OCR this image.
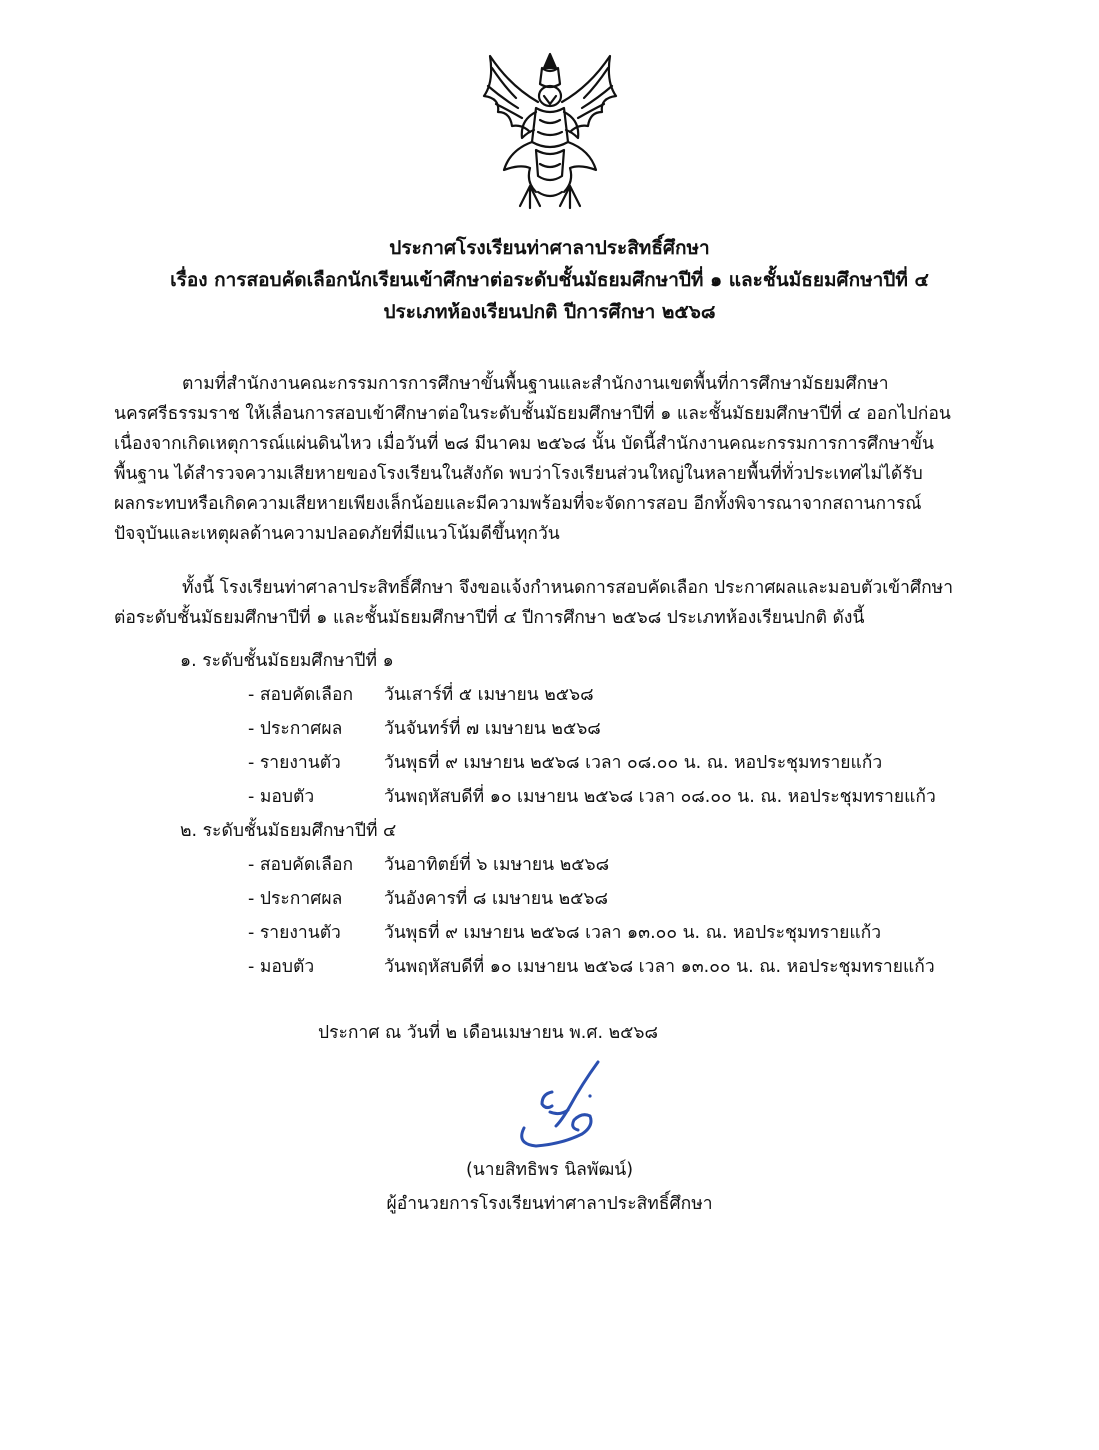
ประกาศโรงเรียนท่าศาลาประสิทธิ์ศึกษา
เรื่อง การสอบคัดเลือกนักเรียนเข้าศึกษาต่อระดับชั้นมัธยมศึกษาปีที่ ๑ และชั้นมัธยมศึกษาปีที่ ๔
ประเภทห้องเรียนปกติ ปีการศึกษา ๒๕๖๘
ตามที่สำนักงานคณะกรรมการการศึกษาขั้นพื้นฐานและสำนักงานเขตพื้นที่การศึกษามัธยมศึกษา
นครศรีธรรมราช ให้เลื่อนการสอบเข้าศึกษาต่อในระดับชั้นมัธยมศึกษาปีที่ ๑ และชั้นมัธยมศึกษาปีที่ ๔ ออกไปก่อน
เนื่องจากเกิดเหตุการณ์แผ่นดินไหว เมื่อวันที่ ๒๘ มีนาคม ๒๕๖๘ นั้น บัดนี้สำนักงานคณะกรรมการการศึกษาขั้น
พื้นฐาน ได้สำรวจความเสียหายของโรงเรียนในสังกัด พบว่าโรงเรียนส่วนใหญ่ในหลายพื้นที่ทั่วประเทศไม่ได้รับ
ผลกระทบหรือเกิดความเสียหายเพียงเล็กน้อยและมีความพร้อมที่จะจัดการสอบ อีกทั้งพิจารณาจากสถานการณ์
ปัจจุบันและเหตุผลด้านความปลอดภัยที่มีแนวโน้มดีขึ้นทุกวัน
ทั้งนี้ โรงเรียนท่าศาลาประสิทธิ์ศึกษา จึงขอแจ้งกำหนดการสอบคัดเลือก ประกาศผลและมอบตัวเข้าศึกษา
ต่อระดับชั้นมัธยมศึกษาปีที่ ๑ และชั้นมัธยมศึกษาปีที่ ๔ ปีการศึกษา ๒๕๖๘ ประเภทห้องเรียนปกติ ดังนี้
๑. ระดับชั้นมัธยมศึกษาปีที่ ๑
- สอบคัดเลือก วันเสาร์ที่ ๕ เมษายน ๒๕๖๘
- ประกาศผล วันจันทร์ที่ ๗ เมษายน ๒๕๖๘
- รายงานตัว วันพุธที่ ๙ เมษายน ๒๕๖๘ เวลา ๐๘.๐๐ น. ณ. หอประชุมทรายแก้ว
- มอบตัว	วันพฤหัสบดีที่ ๑๐ เมษายน ๒๕๖๘ เวลา ๐๘.๐๐ น. ณ. หอประชุมทรายแก้ว
๒. ระดับชั้นมัธยมศึกษาปีที่ ๔
- สอบคัดเลือก วันอาทิตย์ที่ ๖ เมษายน ๒๕๖๘
- ประกาศผล วันอังคารที่ ๘ เมษายน ๒๕๖๘
- รายงานตัว วันพุธที่ ๙ เมษายน ๒๕๖๘ เวลา ๑๓.๐๐ น. ณ. หอประชุมทรายแก้ว
- มอบตัว	วันพฤหัสบดีที่ ๑๐ เมษายน ๒๕๖๘ เวลา ๑๓.๐๐ น. ณ. หอประชุมทรายแก้ว
ประกาศ ณ วันที่ ๒ เดือนเมษายน พ.ศ. ๒๕๖๘
(นายสิทธิพร นิลพัฒน์)
ผู้อำนวยการโรงเรียนท่าศาลาประสิทธิ์ศึกษา
